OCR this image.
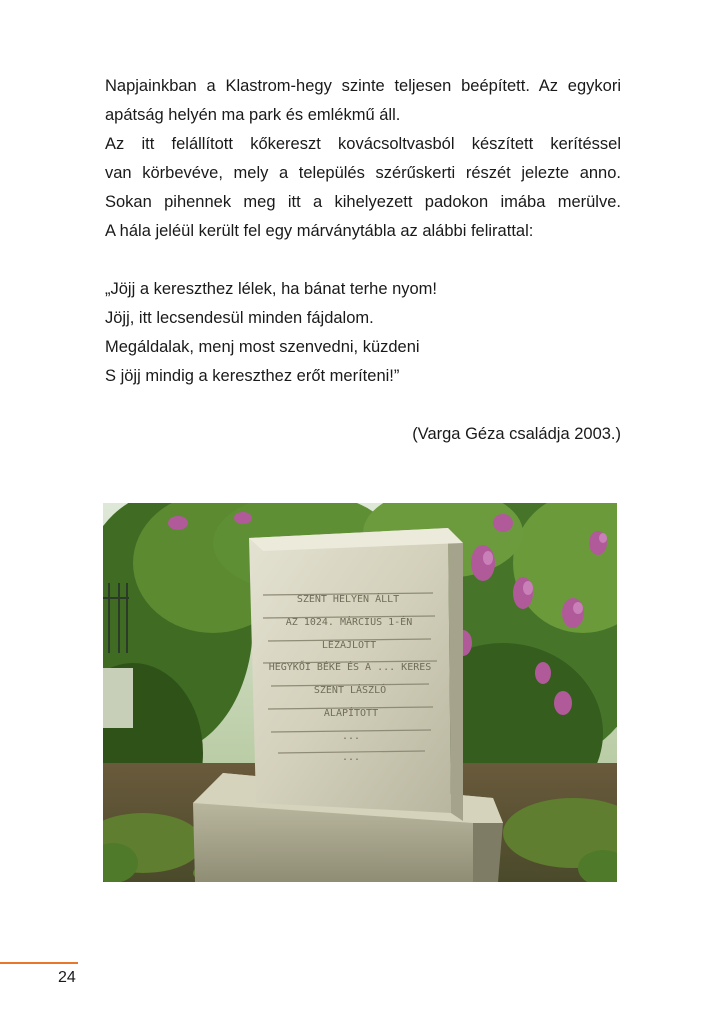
Napjainkban a Klastrom-hegy szinte teljesen beépített. Az egykori
apátság helyén ma park és emlékmű áll.

Az itt felállított kőkereszt kovácsoltvasból készített kerítéssel
van körbevéve, mely a település szérűskerti részét jelezte anno.
Sokan pihennek meg itt a kihelyezett padokon imába merülve.
A hála jeléül került fel egy márványtábla az alábbi felirattal:

„Jöjj a kereszthez lélek, ha bánat terhe nyom!
Jöjj, itt lecsendesül minden fájdalom.
Megáldalak, menj most szenvedni, küzdeni
S jöjj mindig a kereszthez erőt meríteni!”
(Varga Géza családja 2003.)
SZENT HELYEN ÁLLT
AZ 1024. MÁRCIUS 1-ÉN
LEZAJLOTT
HEGYKŐI BÉKE ÉS A ... KERES
SZENT LÁSZLÓ
ALAPÍTOTT
...
...
24
